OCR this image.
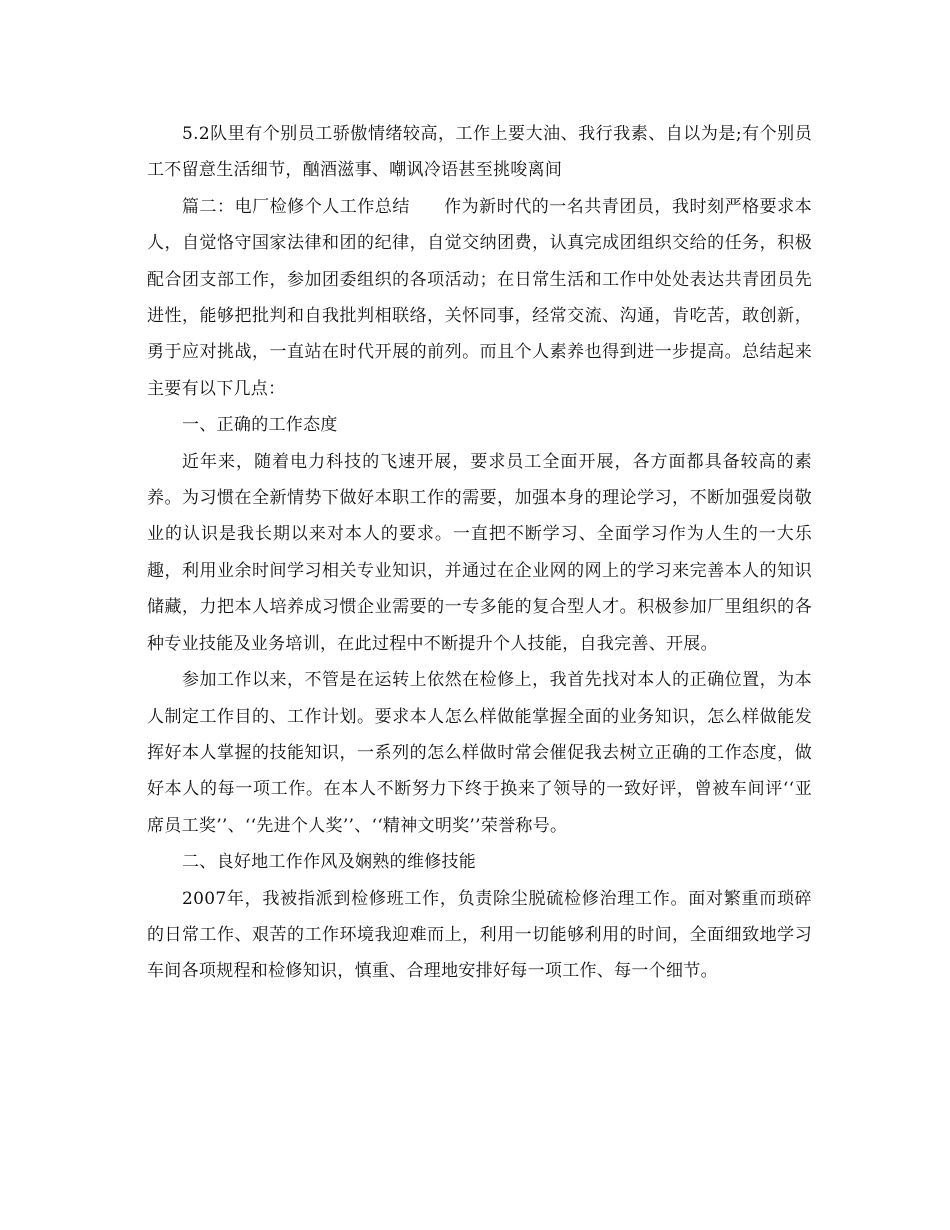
5.2队里有个别员工骄傲情绪较高，工作上要大油、我行我素、自以为是;有个别员工不留意生活细节，酗酒滋事、嘲讽冷语甚至挑唆离间

篇二：电厂检修个人工作总结 作为新时代的一名共青团员，我时刻严格要求本人，自觉恪守国家法律和团的纪律，自觉交纳团费，认真完成团组织交给的任务，积极配合团支部工作，参加团委组织的各项活动；在日常生活和工作中处处表达共青团员先进性，能够把批判和自我批判相联络，关怀同事，经常交流、沟通，肯吃苦，敢创新，勇于应对挑战，一直站在时代开展的前列。而且个人素养也得到进一步提高。总结起来主要有以下几点：

一、正确的工作态度

近年来，随着电力科技的飞速开展，要求员工全面开展，各方面都具备较高的素养。为习惯在全新情势下做好本职工作的需要，加强本身的理论学习，不断加强爱岗敬业的认识是我长期以来对本人的要求。一直把不断学习、全面学习作为人生的一大乐趣，利用业余时间学习相关专业知识，并通过在企业网的网上的学习来完善本人的知识储藏，力把本人培养成习惯企业需要的一专多能的复合型人才。积极参加厂里组织的各种专业技能及业务培训，在此过程中不断提升个人技能，自我完善、开展。

参加工作以来，不管是在运转上依然在检修上，我首先找对本人的正确位置，为本人制定工作目的、工作计划。要求本人怎么样做能掌握全面的业务知识，怎么样做能发挥好本人掌握的技能知识，一系列的怎么样做时常会催促我去树立正确的工作态度，做好本人的每一项工作。在本人不断努力下终于换来了领导的一致好评，曾被车间评‘‘亚席员工奖’’、‘‘先进个人奖’’、‘‘精神文明奖’’荣誉称号。

二、良好地工作作风及娴熟的维修技能

2007年，我被指派到检修班工作，负责除尘脱硫检修治理工作。面对繁重而琐碎的日常工作、艰苦的工作环境我迎难而上，利用一切能够利用的时间，全面细致地学习车间各项规程和检修知识，慎重、合理地安排好每一项工作、每一个细节。
